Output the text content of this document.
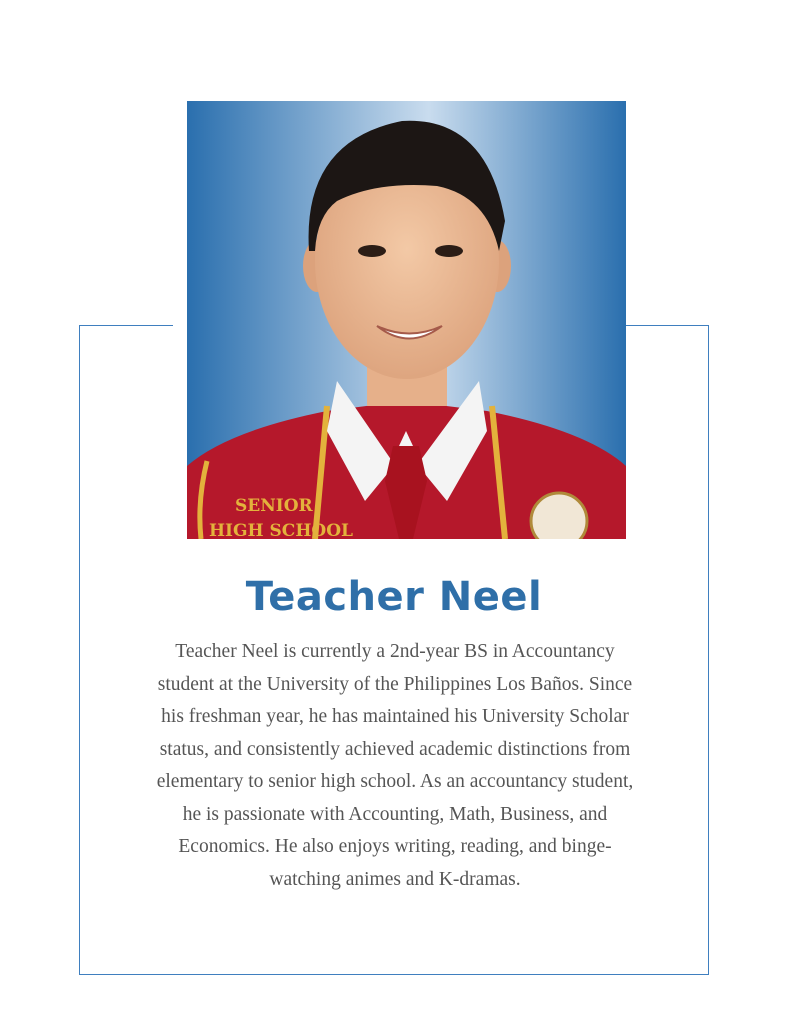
SENIOR
HIGH SCHOOL
Teacher Neel
Teacher Neel is currently a 2nd-year BS in Accountancy
student at the University of the Philippines Los Baños. Since
his freshman year, he has maintained his University Scholar
status, and consistently achieved academic distinctions from
elementary to senior high school. As an accountancy student,
he is passionate with Accounting, Math, Business, and
Economics. He also enjoys writing, reading, and binge-
watching animes and K-dramas.
